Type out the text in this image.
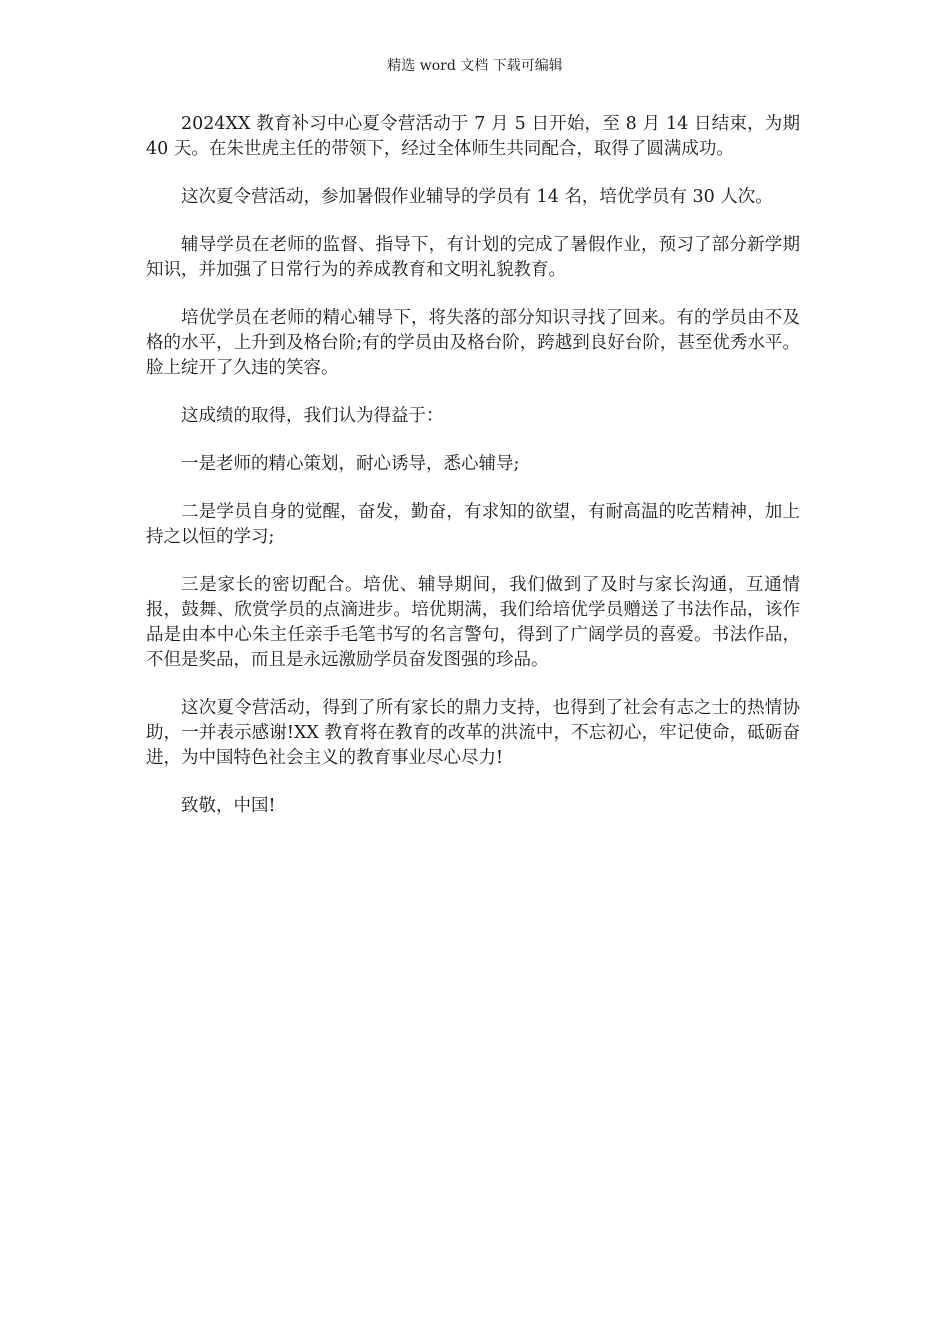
精选 word 文档 下载可编辑

2024XX 教育补习中心夏令营活动于 7 月 5 日开始，至 8 月 14 日结束，为期 40 天。在朱世虎主任的带领下，经过全体师生共同配合，取得了圆满成功。

这次夏令营活动，参加暑假作业辅导的学员有 14 名，培优学员有 30 人次。

辅导学员在老师的监督、指导下，有计划的完成了暑假作业，预习了部分新学期知识，并加强了日常行为的养成教育和文明礼貌教育。

培优学员在老师的精心辅导下，将失落的部分知识寻找了回来。有的学员由不及格的水平，上升到及格台阶;有的学员由及格台阶，跨越到良好台阶，甚至优秀水平。脸上绽开了久违的笑容。

这成绩的取得，我们认为得益于：

一是老师的精心策划，耐心诱导，悉心辅导;

二是学员自身的觉醒，奋发，勤奋，有求知的欲望，有耐高温的吃苦精神，加上持之以恒的学习;

三是家长的密切配合。培优、辅导期间，我们做到了及时与家长沟通，互通情报，鼓舞、欣赏学员的点滴进步。培优期满，我们给培优学员赠送了书法作品，该作品是由本中心朱主任亲手毛笔书写的名言警句，得到了广阔学员的喜爱。书法作品，不但是奖品，而且是永远激励学员奋发图强的珍品。

这次夏令营活动，得到了所有家长的鼎力支持，也得到了社会有志之士的热情协助，一并表示感谢!XX 教育将在教育的改革的洪流中，不忘初心，牢记使命，砥砺奋进，为中国特色社会主义的教育事业尽心尽力!

致敬，中国!
